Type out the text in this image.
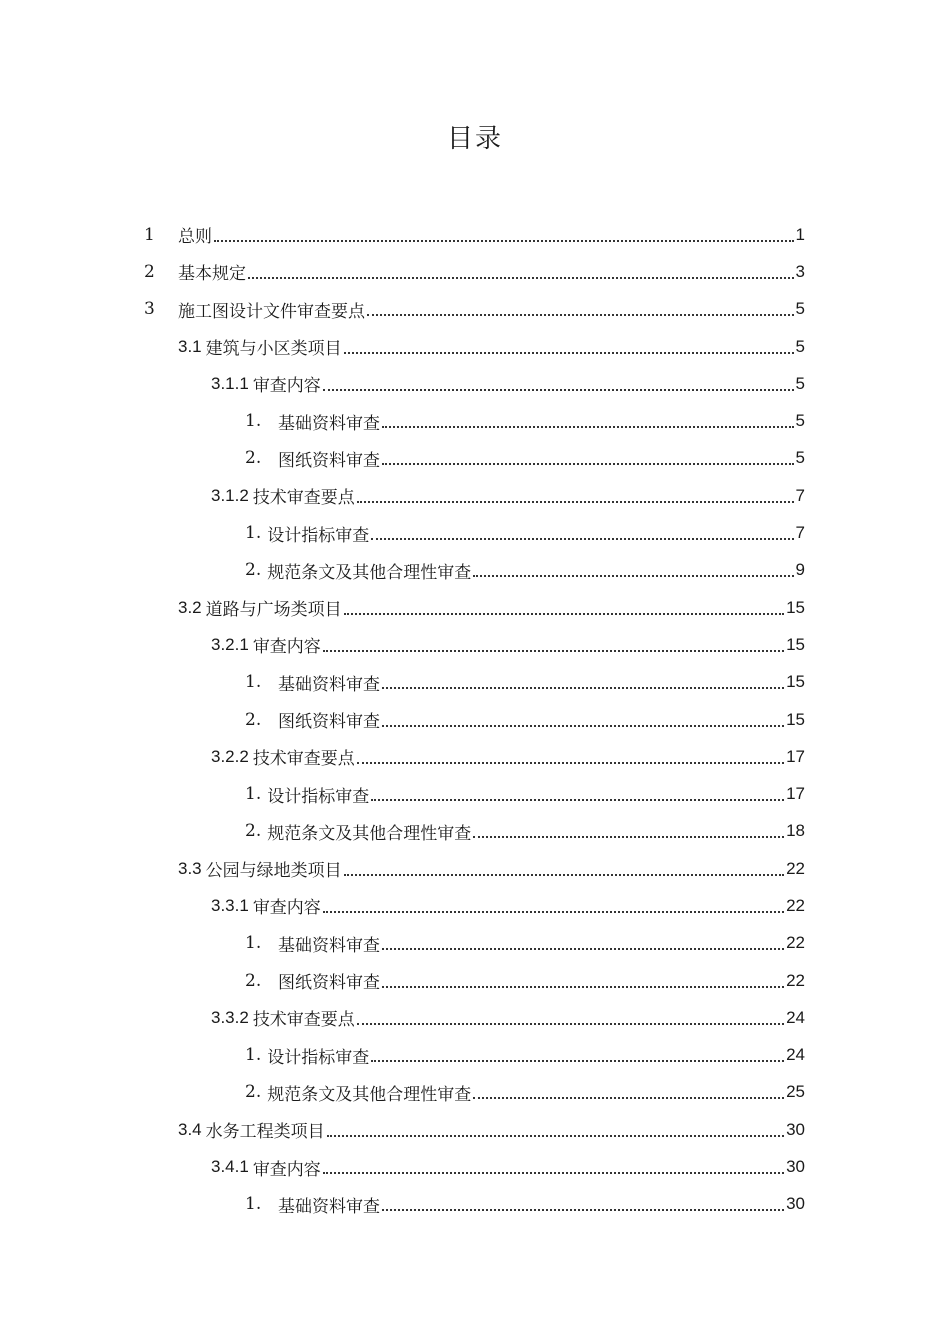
目录
1	总则	1
2	基本规定	3
3	施工图设计文件审查要点	5
3.1 建筑与小区类项目	5
3.1.1 审查内容	5
1. 基础资料审查	5
2. 图纸资料审查	5
3.1.2 技术审查要点	7
1. 设计指标审查	7
2. 规范条文及其他合理性审查	9
3.2 道路与广场类项目	15
3.2.1 审查内容	15
1. 基础资料审查	15
2. 图纸资料审查	15
3.2.2 技术审查要点	17
1. 设计指标审查	17
2. 规范条文及其他合理性审查	18
3.3 公园与绿地类项目	22
3.3.1 审查内容	22
1. 基础资料审查	22
2. 图纸资料审查	22
3.3.2 技术审查要点	24
1. 设计指标审查	24
2. 规范条文及其他合理性审查	25
3.4 水务工程类项目	30
3.4.1 审查内容	30
1. 基础资料审查	30
